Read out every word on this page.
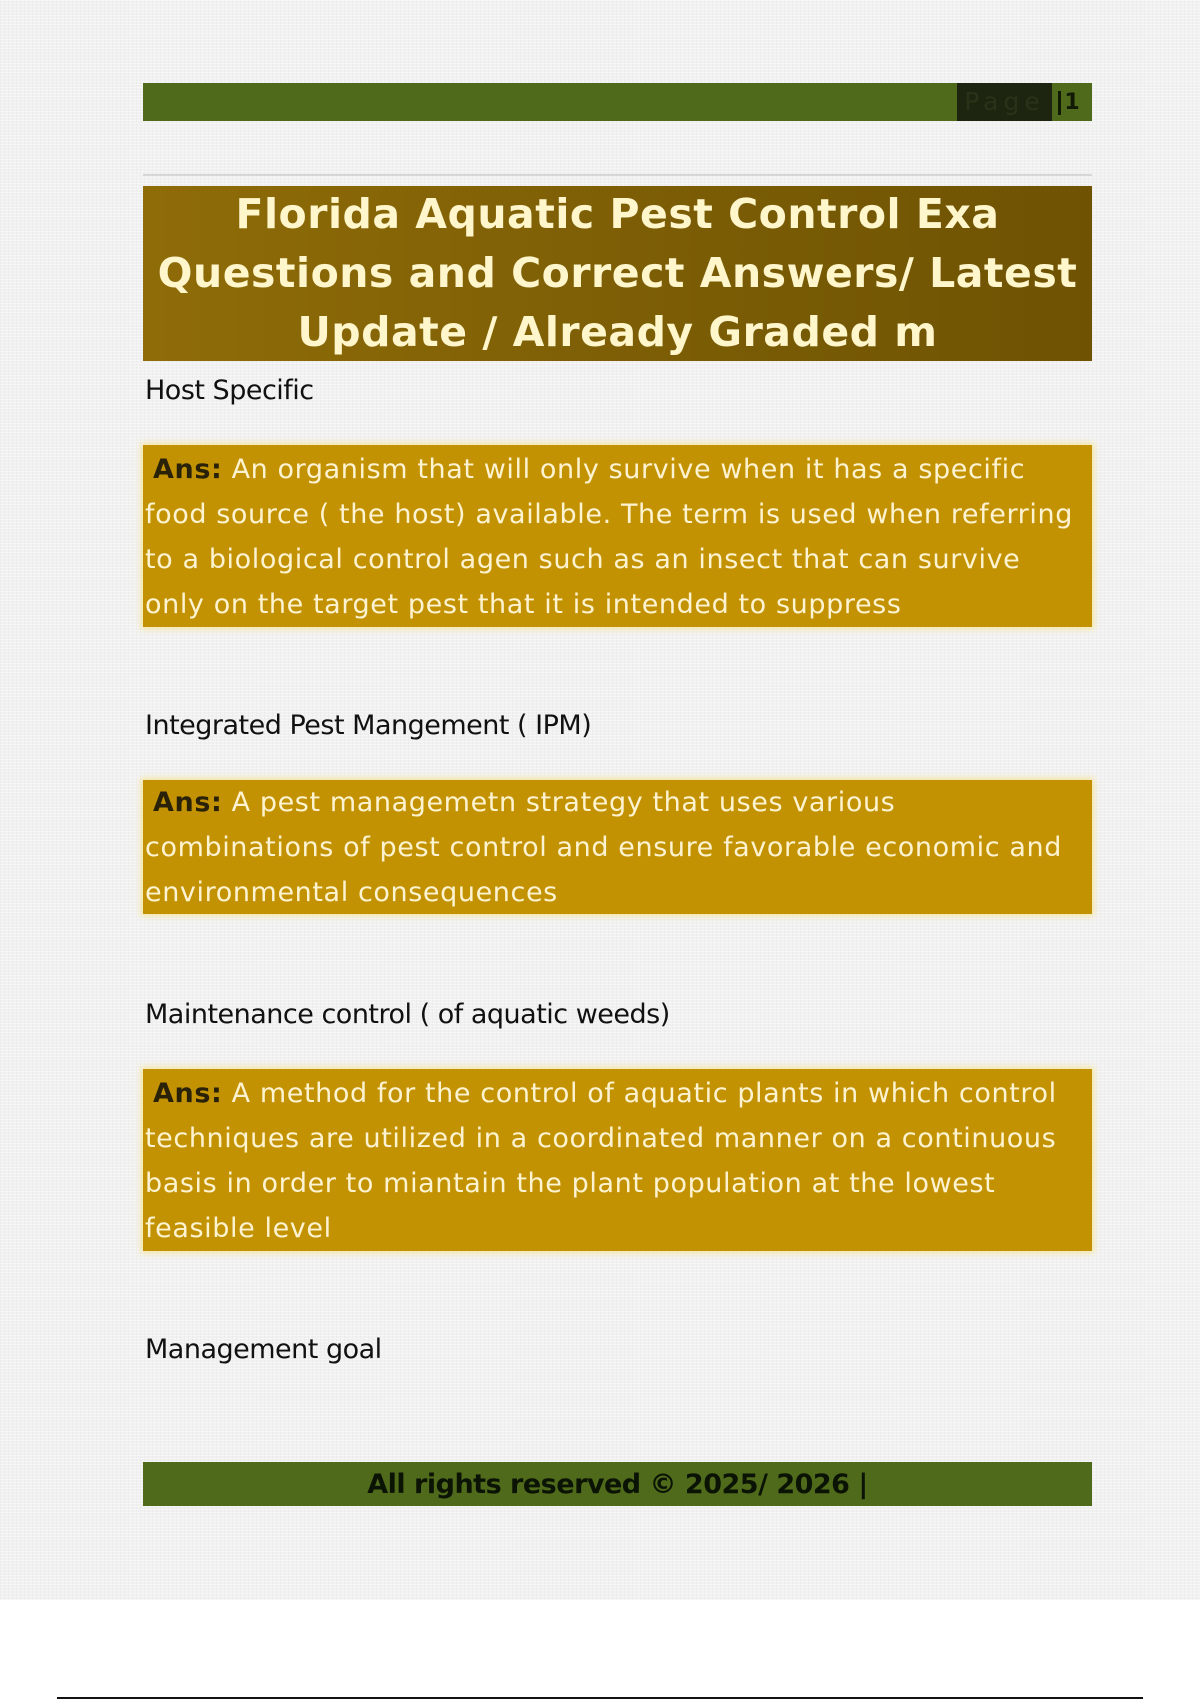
Page 1
Florida Aquatic Pest Control Exa Questions and Correct Answers/ Latest Update / Already Graded m

Host Specific

Ans: An organism that will only survive when it has a specific food source ( the host) available. The term is used when referring to a biological control agen such as an insect that can survive only on the target pest that it is intended to suppress

Integrated Pest Mangement ( IPM)

Ans: A pest managemetn strategy that uses various combinations of pest control and ensure favorable economic and environmental consequences

Maintenance control ( of aquatic weeds)

Ans: A method for the control of aquatic plants in which control techniques are utilized in a coordinated manner on a continuous basis in order to miantain the plant population at the lowest feasible level

Management goal

All rights reserved © 2025/ 2026 |
